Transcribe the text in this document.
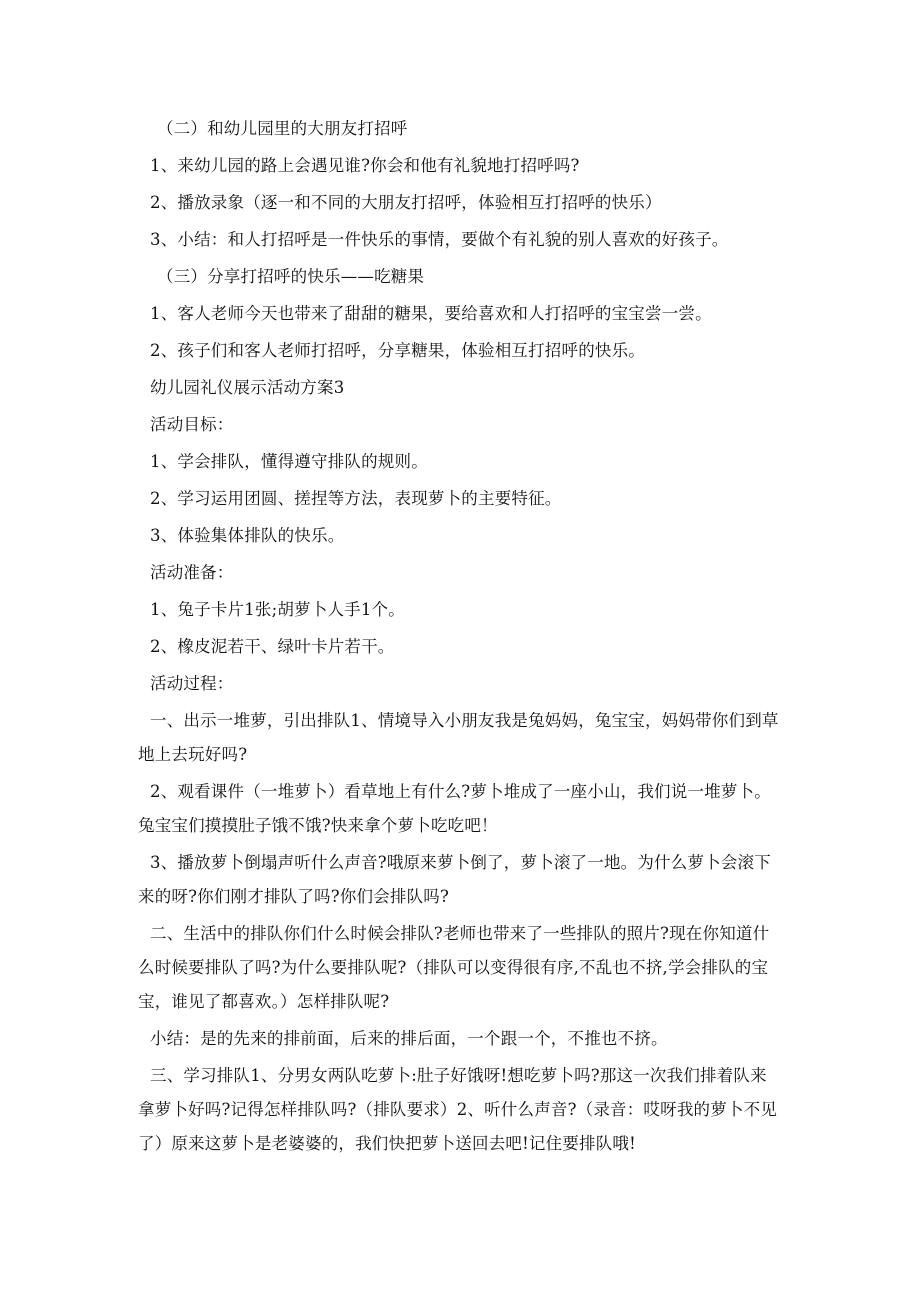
（二）和幼儿园里的大朋友打招呼
1、来幼儿园的路上会遇见谁?你会和他有礼貌地打招呼吗?
2、播放录象（逐一和不同的大朋友打招呼，体验相互打招呼的快乐）
3、小结：和人打招呼是一件快乐的事情，要做个有礼貌的别人喜欢的好孩子。
（三）分享打招呼的快乐——吃糖果
1、客人老师今天也带来了甜甜的糖果，要给喜欢和人打招呼的宝宝尝一尝。
2、孩子们和客人老师打招呼，分享糖果，体验相互打招呼的快乐。
幼儿园礼仪展示活动方案3
活动目标：
1、学会排队，懂得遵守排队的规则。
2、学习运用团圆、搓捏等方法，表现萝卜的主要特征。
3、体验集体排队的快乐。
活动准备：
1、兔子卡片1张;胡萝卜人手1个。
2、橡皮泥若干、绿叶卡片若干。
活动过程：
一、出示一堆萝，引出排队1、情境导入小朋友我是兔妈妈，兔宝宝，妈妈带你们到草
地上去玩好吗?
2、观看课件（一堆萝卜）看草地上有什么?萝卜堆成了一座小山，我们说一堆萝卜。
兔宝宝们摸摸肚子饿不饿?快来拿个萝卜吃吃吧！
3、播放萝卜倒塌声听什么声音?哦原来萝卜倒了，萝卜滚了一地。为什么萝卜会滚下
来的呀?你们刚才排队了吗?你们会排队吗?
二、生活中的排队你们什么时候会排队?老师也带来了一些排队的照片?现在你知道什
么时候要排队了吗?为什么要排队呢?（排队可以变得很有序,不乱也不挤,学会排队的宝
宝，谁见了都喜欢。）怎样排队呢?
小结：是的先来的排前面，后来的排后面，一个跟一个，不推也不挤。
三、学习排队1、分男女两队吃萝卜:肚子好饿呀!想吃萝卜吗?那这一次我们排着队来
拿萝卜好吗?记得怎样排队吗?（排队要求）2、听什么声音?（录音：哎呀我的萝卜不见
了）原来这萝卜是老婆婆的，我们快把萝卜送回去吧!记住要排队哦!
